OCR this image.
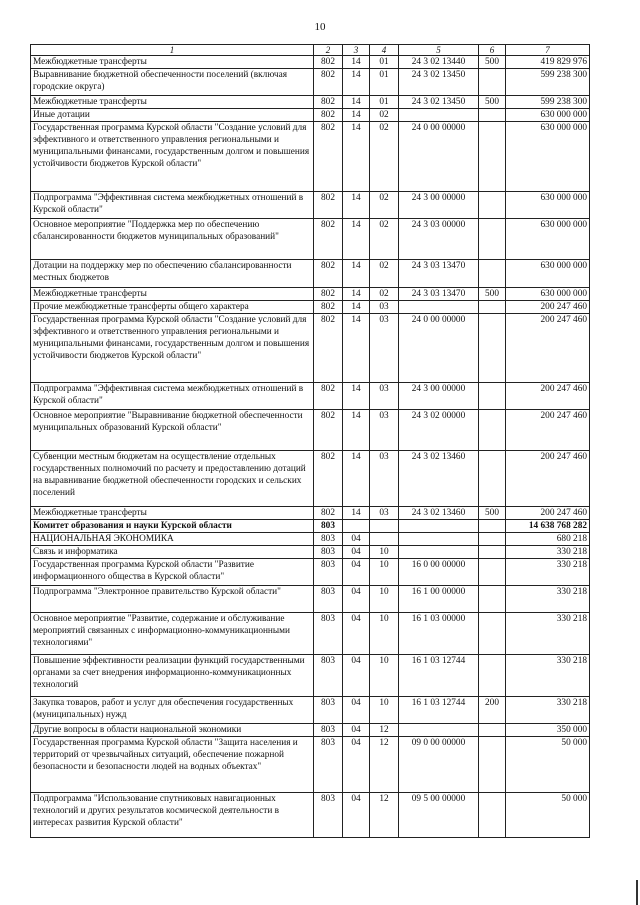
10
1	2	3	4	5	6	7
Межбюджетные трансферты	802	14	01	24 3 02 13440	500	419 829 976
Выравнивание бюджетной обеспеченности поселений (включая городские округа)	802	14	01	24 3 02 13450		599 238 300
Межбюджетные трансферты	802	14	01	24 3 02 13450	500	599 238 300
Иные дотации	802	14	02			630 000 000
Государственная программа Курской области "Создание условий для эффективного и ответственного управления региональными и муниципальными финансами, государственным долгом и повышения устойчивости бюджетов Курской области"	802	14	02	24 0 00 00000		630 000 000
Подпрограмма "Эффективная система межбюджетных отношений в Курской области"	802	14	02	24 3 00 00000		630 000 000
Основное мероприятие "Поддержка мер по обеспечению сбалансированности бюджетов муниципальных образований"	802	14	02	24 3 03 00000		630 000 000
Дотации на поддержку мер по обеспечению сбалансированности местных бюджетов	802	14	02	24 3 03 13470		630 000 000
Межбюджетные трансферты	802	14	02	24 3 03 13470	500	630 000 000
Прочие межбюджетные трансферты общего характера	802	14	03			200 247 460
Государственная программа Курской области "Создание условий для эффективного и ответственного управления региональными и муниципальными финансами, государственным долгом и повышения устойчивости бюджетов Курской области"	802	14	03	24 0 00 00000		200 247 460
Подпрограмма "Эффективная система межбюджетных отношений в Курской области"	802	14	03	24 3 00 00000		200 247 460
Основное мероприятие "Выравнивание бюджетной обеспеченности муниципальных образований Курской области"	802	14	03	24 3 02 00000		200 247 460
Субвенции местным бюджетам на осуществление отдельных государственных полномочий по расчету и предоставлению дотаций на выравнивание бюджетной обеспеченности городских и сельских поселений	802	14	03	24 3 02 13460		200 247 460
Межбюджетные трансферты	802	14	03	24 3 02 13460	500	200 247 460
Комитет образования и науки Курской области	803					14 638 768 282
НАЦИОНАЛЬНАЯ ЭКОНОМИКА	803	04				680 218
Связь и информатика	803	04	10			330 218
Государственная программа Курской области "Развитие информационного общества в Курской области"	803	04	10	16 0 00 00000		330 218
Подпрограмма "Электронное правительство Курской области"	803	04	10	16 1 00 00000		330 218
Основное мероприятие "Развитие, содержание и обслуживание мероприятий связанных с информационно-коммуникационными технологиями"	803	04	10	16 1 03 00000		330 218
Повышение эффективности реализации функций государственными органами за счет внедрения информационно-коммуникационных технологий	803	04	10	16 1 03 12744		330 218
Закупка товаров, работ и услуг для обеспечения государственных (муниципальных) нужд	803	04	10	16 1 03 12744	200	330 218
Другие вопросы в области национальной экономики	803	04	12			350 000
Государственная программа Курской области "Защита населения и территорий от чрезвычайных ситуаций, обеспечение пожарной безопасности и безопасности людей на водных объектах"	803	04	12	09 0 00 00000		50 000
Подпрограмма "Использование спутниковых навигационных технологий и других результатов космической деятельности в интересах развития Курской области"	803	04	12	09 5 00 00000		50 000
